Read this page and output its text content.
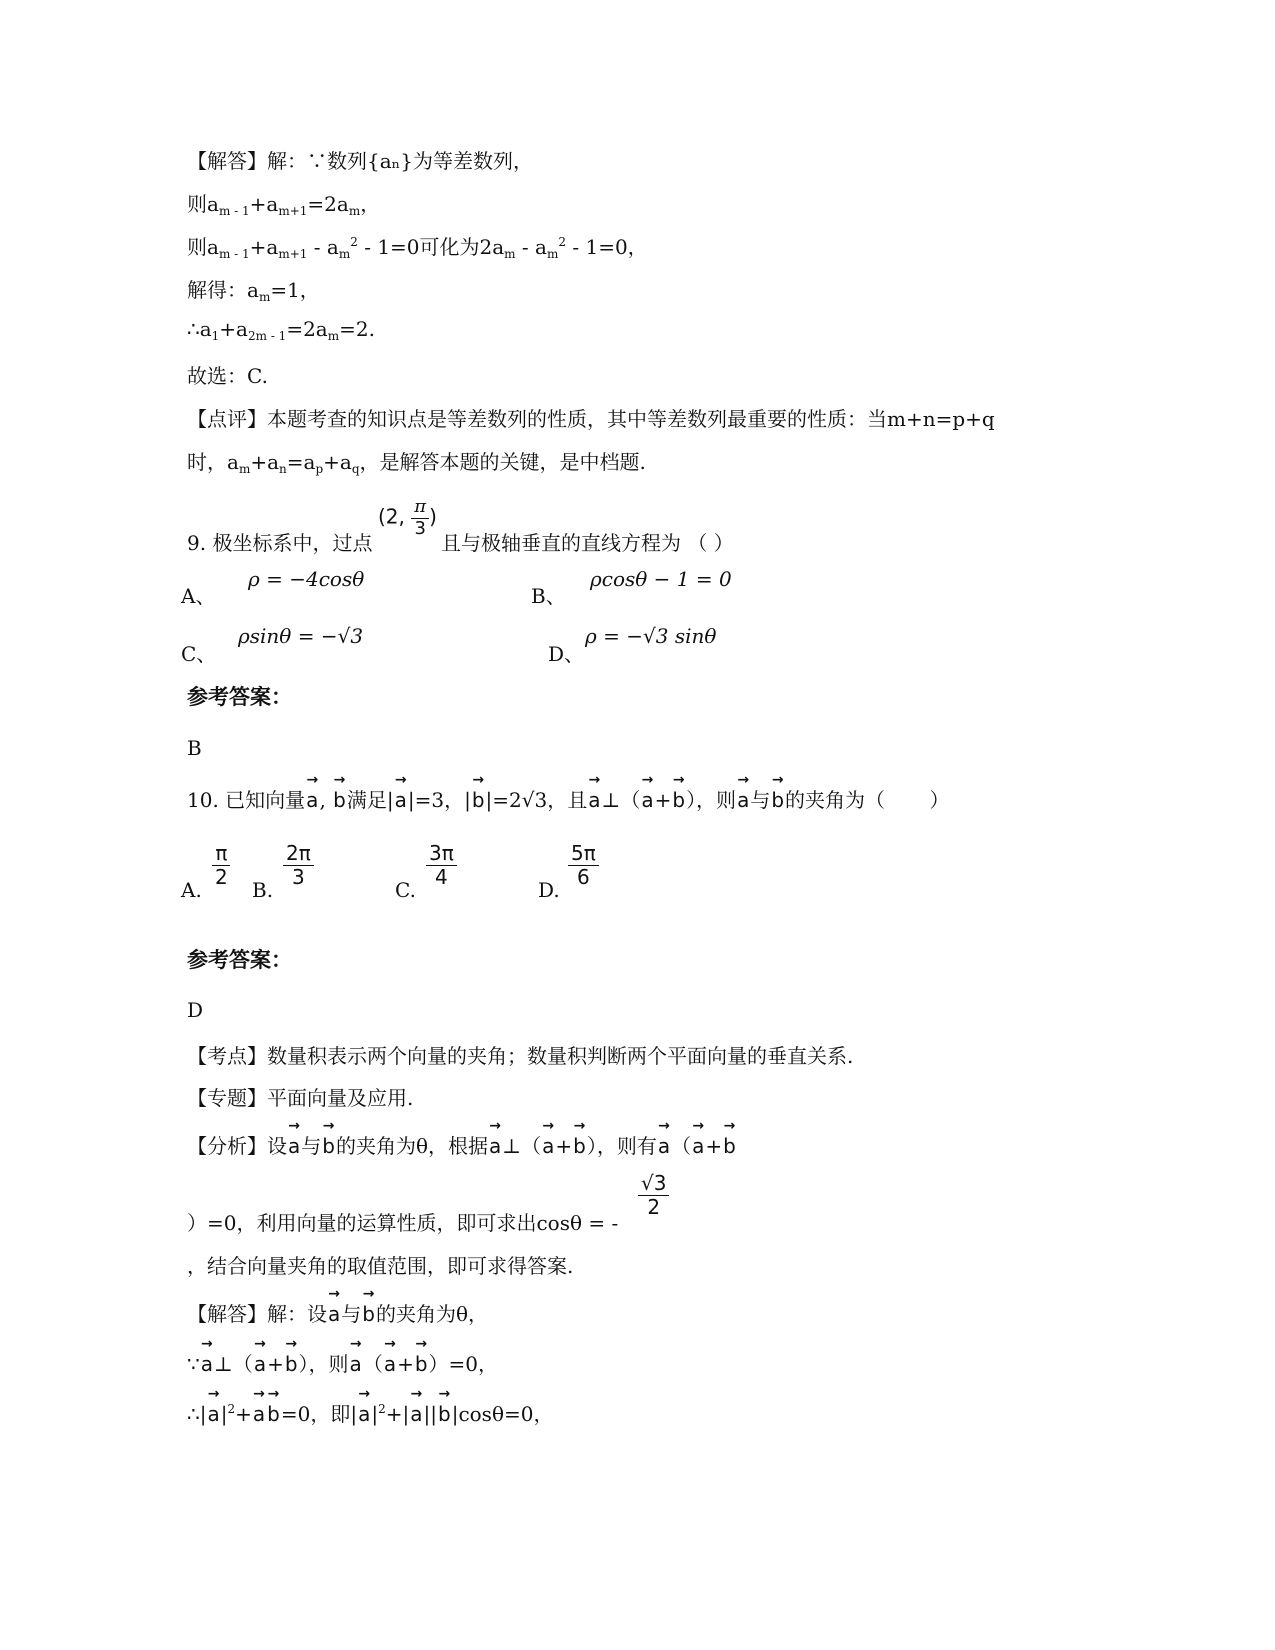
【解答】解：∵数列{aₙ}为等差数列，
则$a_{m - 1}+a_{m+1}=2a_m$，
则$a_{m - 1}+a_{m+1} - a_m^2 - 1=0$可化为$2a_m - a_m^2 - 1=0$，
解得：$a_m=1$，
$\therefore a_1+a_{2m - 1}=2a_m=2$.
故选：C.
【点评】本题考查的知识点是等差数列的性质，其中等差数列最重要的性质：当m+n=p+q
时，$a_m+a_n=a_p+a_q$，是解答本题的关键，是中档题.
9. 极坐标系中，过点
(2, $\frac{\pi}{3}$ )
且与极轴垂直的直线方程为 （ ）
A、
ρ = −4cosθ
B、
ρcosθ − 1 = 0
C、
ρsinθ = −√3
D、
ρ = −√3 sinθ
参考答案：
B
10. 已知向量→ a, → b满足|→ a|=3，|→ b|=2√3，且→ a⊥（→ a+→ b），则→ a与→ b的夹角为（       ）
A.
$\frac{\pi}{2}$
B.
$\frac{2\pi}{3}$
C.
$\frac{3\pi}{4}$
D.
$\frac{5\pi}{6}$
参考答案：
D
【考点】数量积表示两个向量的夹角；数量积判断两个平面向量的垂直关系.
【专题】平面向量及应用.
【分析】设→ a与→ b的夹角为θ，根据→ a⊥（→ a+→ b），则有→ a（→ a+→ b
）=0，利用向量的运算性质，即可求出cosθ = -
$\frac{√3}{2}$
，结合向量夹角的取值范围，即可求得答案.
【解答】解：设→ a与→ b的夹角为θ，
∵→ a⊥（→ a+→ b），则→ a（→ a+→ b）=0，
∴|→ $a|^2+\to a\to b=0$，即|→ $a|^2+|\to a||\to b|\cos\theta=0$，
